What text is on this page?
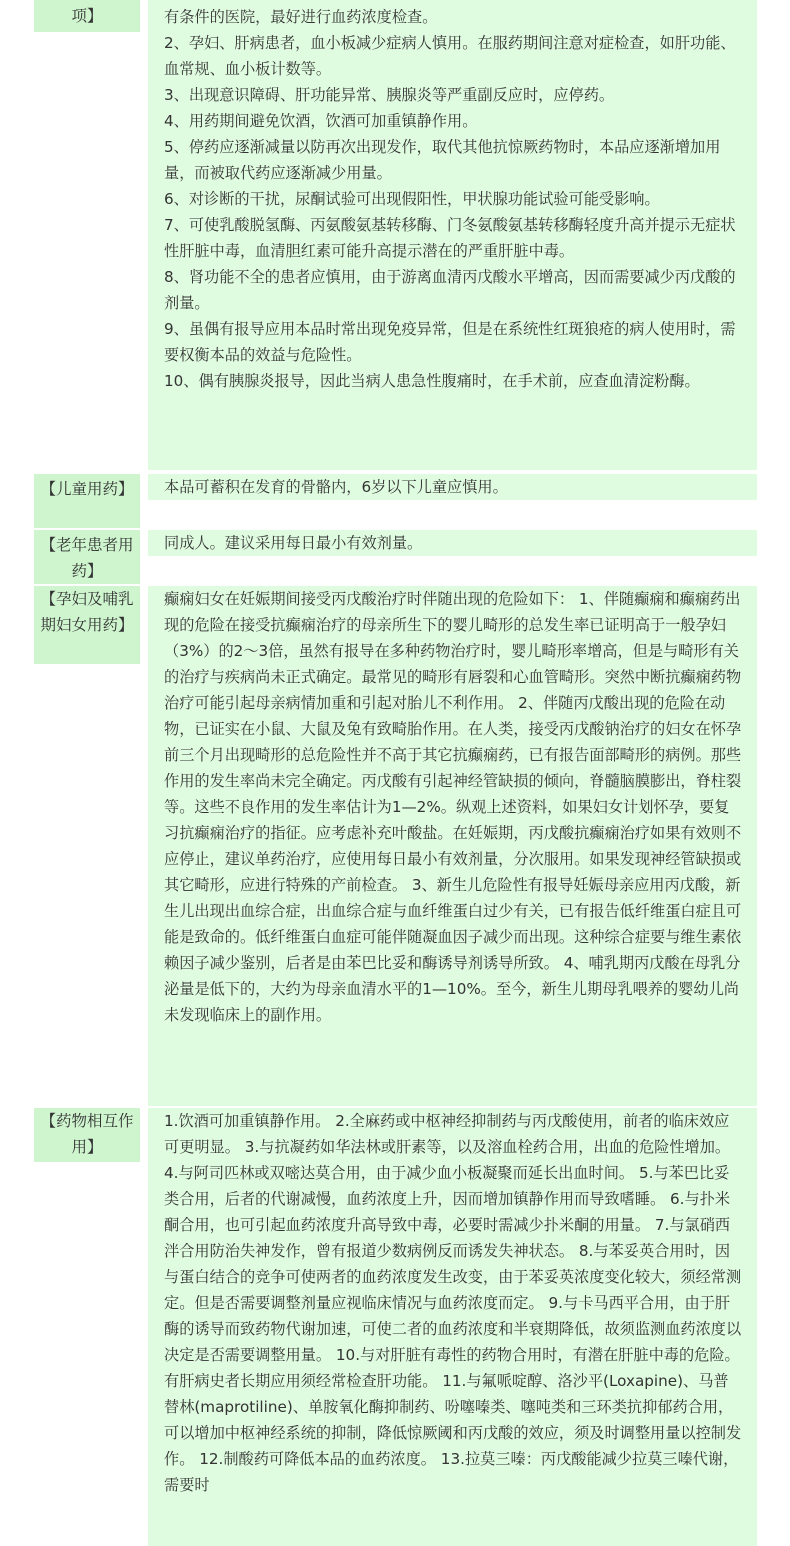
项】	有条件的医院，最好进行血药浓度检查。

2、孕妇、肝病患者，血小板减少症病人慎用。在服药期间注意对症检查，如肝功能、血常规、血小板计数等。

3、出现意识障碍、肝功能异常、胰腺炎等严重副反应时，应停药。

4、用药期间避免饮酒，饮酒可加重镇静作用。

5、停药应逐渐减量以防再次出现发作，取代其他抗惊厥药物时，本品应逐渐增加用量，而被取代药应逐渐减少用量。

6、对诊断的干扰，尿酮试验可出现假阳性，甲状腺功能试验可能受影响。

7、可使乳酸脱氢酶、丙氨酸氨基转移酶、门冬氨酸氨基转移酶轻度升高并提示无症状性肝脏中毒，血清胆红素可能升高提示潜在的严重肝脏中毒。

8、肾功能不全的患者应慎用，由于游离血清丙戊酸水平增高，因而需要减少丙戊酸的剂量。

9、虽偶有报导应用本品时常出现免疫异常，但是在系统性红斑狼疮的病人使用时，需要权衡本品的效益与危险性。

10、偶有胰腺炎报导，因此当病人患急性腹痛时，在手术前，应查血清淀粉酶。

【儿童用药】	本品可蓄积在发育的骨骼内，6岁以下儿童应慎用。

【老年患者用药】

同成人。建议采用每日最小有效剂量。

【孕妇及哺乳期妇女用药】

癫痫妇女在妊娠期间接受丙戊酸治疗时伴随出现的危险如下： 1、伴随癫痫和癫痫药出现的危险在接受抗癫痫治疗的母亲所生下的婴儿畸形的总发生率已证明高于一般孕妇（3%）的2～3倍，虽然有报导在多种药物治疗时，婴儿畸形率增高，但是与畸形有关的治疗与疾病尚未正式确定。最常见的畸形有唇裂和心血管畸形。突然中断抗癫痫药物治疗可能引起母亲病情加重和引起对胎儿不利作用。 2、伴随丙戊酸出现的危险在动物，已证实在小鼠、大鼠及兔有致畸胎作用。在人类，接受丙戊酸钠治疗的妇女在怀孕前三个月出现畸形的总危险性并不高于其它抗癫痫药，已有报告面部畸形的病例。那些作用的发生率尚未完全确定。丙戊酸有引起神经管缺损的倾向，脊髓脑膜膨出，脊柱裂等。这些不良作用的发生率估计为1—2%。纵观上述资料，如果妇女计划怀孕，要复习抗癫痫治疗的指征。应考虑补充叶酸盐。在妊娠期，丙戊酸抗癫痫治疗如果有效则不应停止，建议单药治疗，应使用每日最小有效剂量，分次服用。如果发现神经管缺损或其它畸形，应进行特殊的产前检查。 3、新生儿危险性有报导妊娠母亲应用丙戊酸，新生儿出现出血综合症，出血综合症与血纤维蛋白过少有关，已有报告低纤维蛋白症且可能是致命的。低纤维蛋白血症可能伴随凝血因子减少而出现。这种综合症要与维生素依赖因子减少鉴别，后者是由苯巴比妥和酶诱导剂诱导所致。 4、哺乳期丙戊酸在母乳分泌量是低下的，大约为母亲血清水平的1—10%。至今，新生儿期母乳喂养的婴幼儿尚未发现临床上的副作用。

【药物相互作用】

1.饮酒可加重镇静作用。 2.全麻药或中枢神经抑制药与丙戊酸使用，前者的临床效应可更明显。 3.与抗凝药如华法林或肝素等，以及溶血栓药合用，出血的危险性增加。 4.与阿司匹林或双嘧达莫合用，由于减少血小板凝聚而延长出血时间。 5.与苯巴比妥类合用，后者的代谢减慢，血药浓度上升，因而增加镇静作用而导致嗜睡。 6.与扑米酮合用，也可引起血药浓度升高导致中毒，必要时需减少扑米酮的用量。 7.与氯硝西泮合用防治失神发作，曾有报道少数病例反而诱发失神状态。 8.与苯妥英合用时，因与蛋白结合的竞争可使两者的血药浓度发生改变，由于苯妥英浓度变化较大，须经常测定。但是否需要调整剂量应视临床情况与血药浓度而定。 9.与卡马西平合用，由于肝酶的诱导而致药物代谢加速，可使二者的血药浓度和半衰期降低，故须监测血药浓度以决定是否需要调整用量。 10.与对肝脏有毒性的药物合用时，有潜在肝脏中毒的危险。有肝病史者长期应用须经常检查肝功能。 11.与氟哌啶醇、洛沙平(Loxapine)、马普替林(maprotiline)、单胺氧化酶抑制药、吩噻嗪类、噻吨类和三环类抗抑郁药合用，可以增加中枢神经系统的抑制，降低惊厥阈和丙戊酸的效应，须及时调整用量以控制发作。 12.制酸药可降低本品的血药浓度。 13.拉莫三嗪：丙戊酸能减少拉莫三嗪代谢，需要时
